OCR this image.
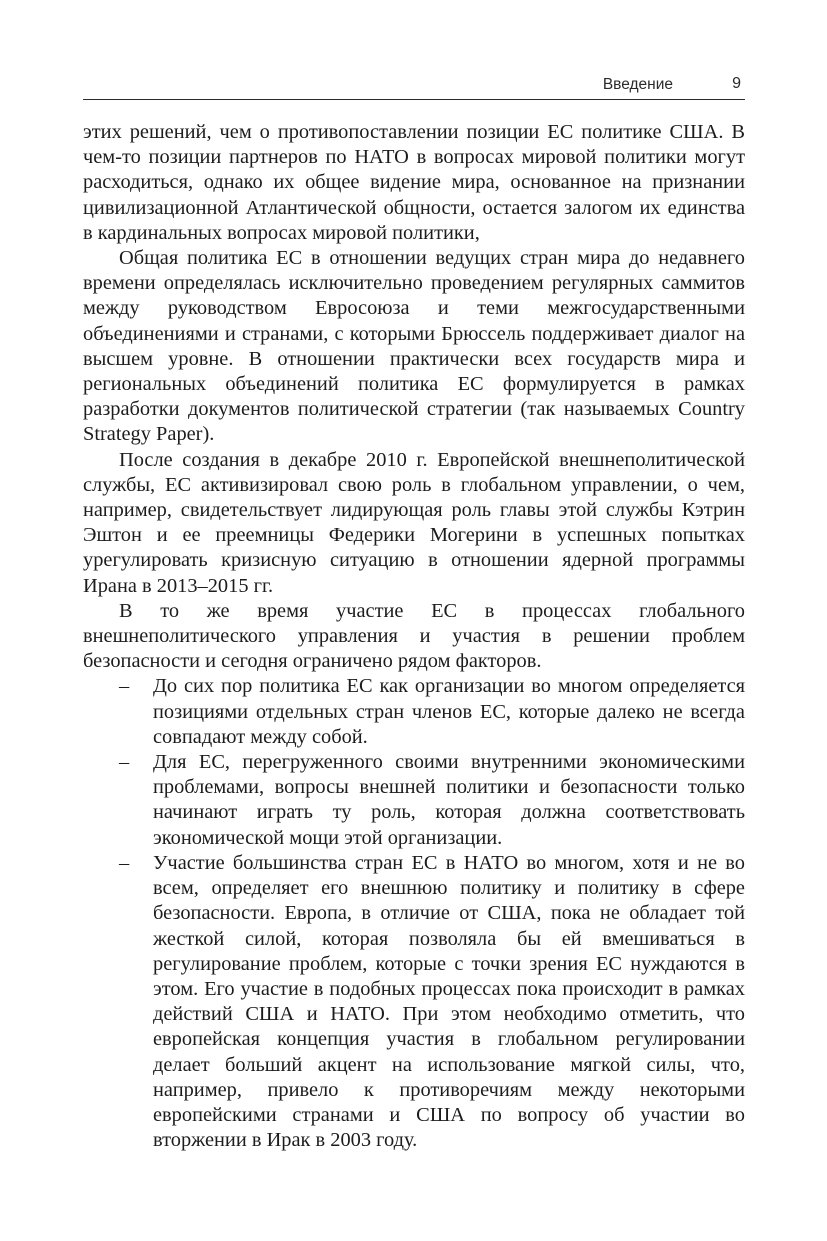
Введение	9

этих решений, чем о противопоставлении позиции ЕС политике США. В чем-то позиции партнеров по НАТО в вопросах мировой политики могут расходиться, однако их общее видение мира, основанное на признании цивилизационной Атлантической общности, остается залогом их единства в кардинальных вопросах мировой политики,

Общая политика ЕС в отношении ведущих стран мира до недавнего времени определялась исключительно проведением регулярных саммитов между руководством Евросоюза и теми межгосударственными объединениями и странами, с которыми Брюссель поддерживает диалог на высшем уровне. В отношении практически всех государств мира и региональных объединений политика ЕС формулируется в рамках разработки документов политической стратегии (так называемых Country Strategy Paper).

После создания в декабре 2010 г. Европейской внешнеполитической службы, ЕС активизировал свою роль в глобальном управлении, о чем, например, свидетельствует лидирующая роль главы этой службы Кэтрин Эштон и ее преемницы Федерики Могерини в успешных попытках урегулировать кризисную ситуацию в отношении ядерной программы Ирана в 2013–2015 гг.

В то же время участие ЕС в процессах глобального внешнеполитического управления и участия в решении проблем безопасности и сегодня ограничено рядом факторов.

– До сих пор политика ЕС как организации во многом определяется позициями отдельных стран членов ЕС, которые далеко не всегда совпадают между собой.
– Для ЕС, перегруженного своими внутренними экономическими проблемами, вопросы внешней политики и безопасности только начинают играть ту роль, которая должна соответствовать экономической мощи этой организации.
– Участие большинства стран ЕС в НАТО во многом, хотя и не во всем, определяет его внешнюю политику и политику в сфере безопасности. Европа, в отличие от США, пока не обладает той жесткой силой, которая позволяла бы ей вмешиваться в регулирование проблем, которые с точки зрения ЕС нуждаются в этом. Его участие в подобных процессах пока происходит в рамках действий США и НАТО. При этом необходимо отметить, что европейская концепция участия в глобальном регулировании делает больший акцент на использование мягкой силы, что, например, привело к противоречиям между некоторыми европейскими странами и США по вопросу об участии во вторжении в Ирак в 2003 году.
